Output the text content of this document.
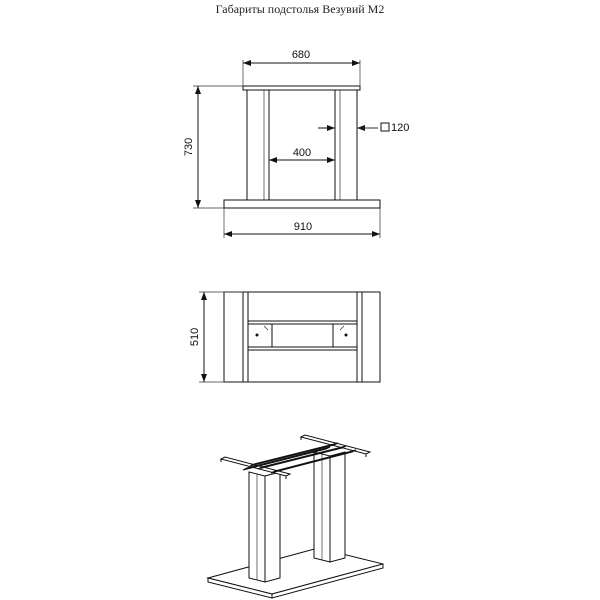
Габариты подстолья Везувий М2
680
730	400
120
910
510
